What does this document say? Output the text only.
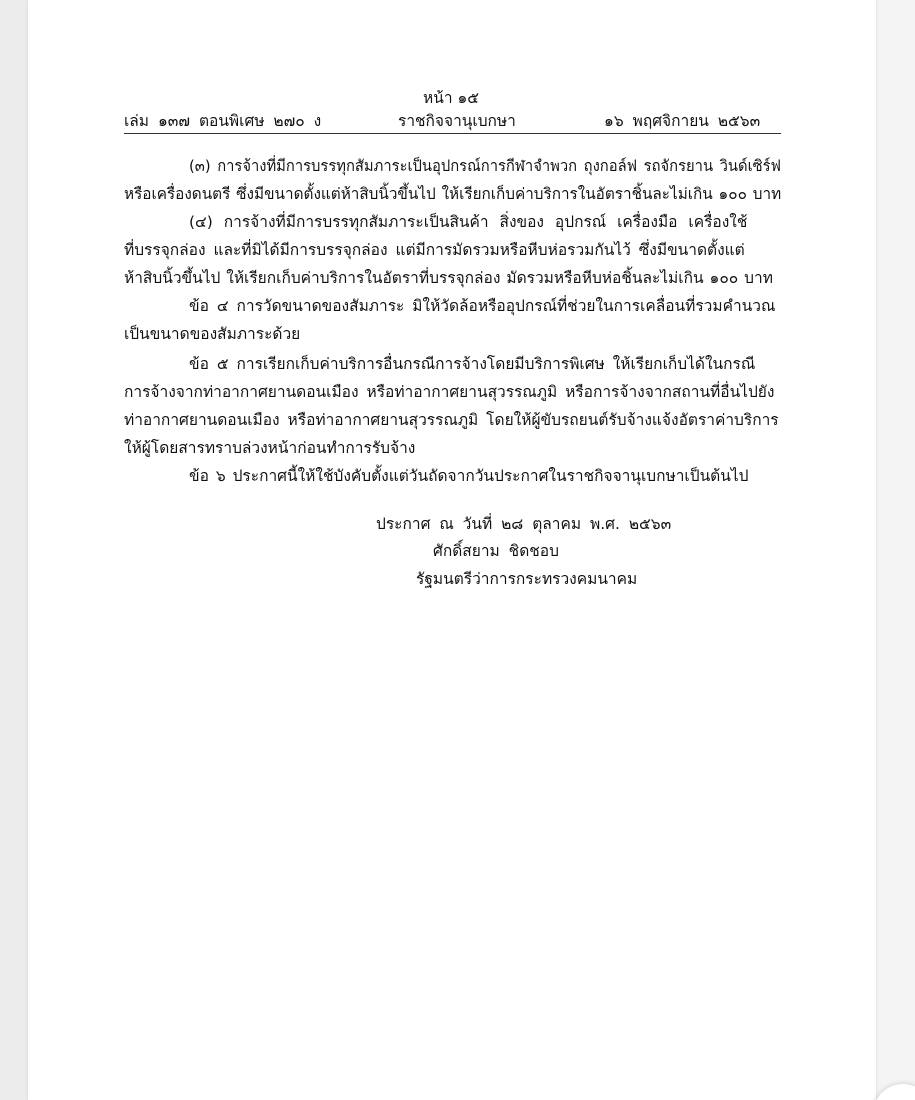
หน้า ๑๕
เล่ม ๑๓๗ ตอนพิเศษ ๒๗๐ ง	ราชกิจจานุเบกษา	๑๖ พฤศจิกายน ๒๕๖๓
(๓) การจ้างที่มีการบรรทุกสัมภาระเป็นอุปกรณ์การกีฬาจำพวก ถุงกอล์ฟ รถจักรยาน วินด์เซิร์ฟ
หรือเครื่องดนตรี ซึ่งมีขนาดตั้งแต่ห้าสิบนิ้วขึ้นไป ให้เรียกเก็บค่าบริการในอัตราชิ้นละไม่เกิน ๑๐๐ บาท
(๔) การจ้างที่มีการบรรทุกสัมภาระเป็นสินค้า สิ่งของ อุปกรณ์ เครื่องมือ เครื่องใช้
ที่บรรจุกล่อง และที่มิได้มีการบรรจุกล่อง แต่มีการมัดรวมหรือหีบห่อรวมกันไว้ ซึ่งมีขนาดตั้งแต่
ห้าสิบนิ้วขึ้นไป ให้เรียกเก็บค่าบริการในอัตราที่บรรจุกล่อง มัดรวมหรือหีบห่อชิ้นละไม่เกิน ๑๐๐ บาท
ข้อ ๔ การวัดขนาดของสัมภาระ มิให้วัดล้อหรืออุปกรณ์ที่ช่วยในการเคลื่อนที่รวมคำนวณ
เป็นขนาดของสัมภาระด้วย
ข้อ ๕ การเรียกเก็บค่าบริการอื่นกรณีการจ้างโดยมีบริการพิเศษ ให้เรียกเก็บได้ในกรณี
การจ้างจากท่าอากาศยานดอนเมือง หรือท่าอากาศยานสุวรรณภูมิ หรือการจ้างจากสถานที่อื่นไปยัง
ท่าอากาศยานดอนเมือง หรือท่าอากาศยานสุวรรณภูมิ โดยให้ผู้ขับรถยนต์รับจ้างแจ้งอัตราค่าบริการ
ให้ผู้โดยสารทราบล่วงหน้าก่อนทำการรับจ้าง
ข้อ ๖ ประกาศนี้ให้ใช้บังคับตั้งแต่วันถัดจากวันประกาศในราชกิจจานุเบกษาเป็นต้นไป
ประกาศ ณ วันที่ ๒๘ ตุลาคม พ.ศ. ๒๕๖๓
ศักดิ์สยาม ชิดชอบ
รัฐมนตรีว่าการกระทรวงคมนาคม
